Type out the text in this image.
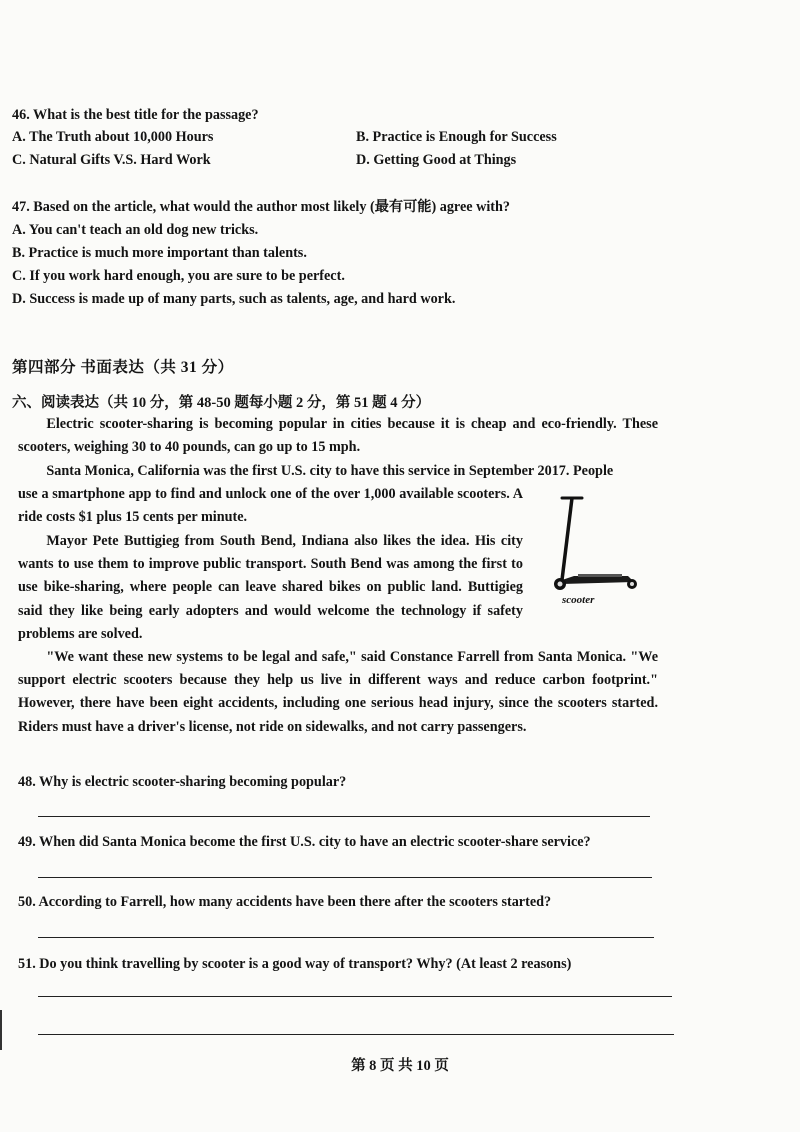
46. What is the best title for the passage?
A. The Truth about 10,000 Hours	B. Practice is Enough for Success
C. Natural Gifts V.S. Hard Work	D. Getting Good at Things
47. Based on the article, what would the author most likely (最有可能) agree with?
A. You can't teach an old dog new tricks.
B. Practice is much more important than talents.
C. If you work hard enough, you are sure to be perfect.
D. Success is made up of many parts, such as talents, age, and hard work.
第四部分 书面表达（共 31 分）
六、阅读表达（共 10 分，第 48-50 题每小题 2 分，第 51 题 4 分）

Electric scooter-sharing is becoming popular in cities because it is cheap and eco-friendly. These scooters, weighing 30 to 40 pounds, can go up to 15 mph.

Santa Monica, California was the first U.S. city to have this service in September 2017. People

use a smartphone app to find and unlock one of the over 1,000 available scooters. A ride costs $1 plus 15 cents per minute.

Mayor Pete Buttigieg from South Bend, Indiana also likes the idea. His city wants to use them to improve public transport. South Bend was among the first to use bike-sharing, where people can leave shared bikes on public land. Buttigieg said they like being early adopters and would welcome the technology if safety problems are solved.

"We want these new systems to be legal and safe," said Constance Farrell from Santa Monica. "We support electric scooters because they help us live in different ways and reduce carbon footprint." However, there have been eight accidents, including one serious head injury, since the scooters started. Riders must have a driver's license, not ride on sidewalks, and not carry passengers.

scooter
48. Why is electric scooter-sharing becoming popular?
49. When did Santa Monica become the first U.S. city to have an electric scooter-share service?
50. According to Farrell, how many accidents have been there after the scooters started?
51. Do you think travelling by scooter is a good way of transport? Why? (At least 2 reasons)
第 8 页 共 10 页
